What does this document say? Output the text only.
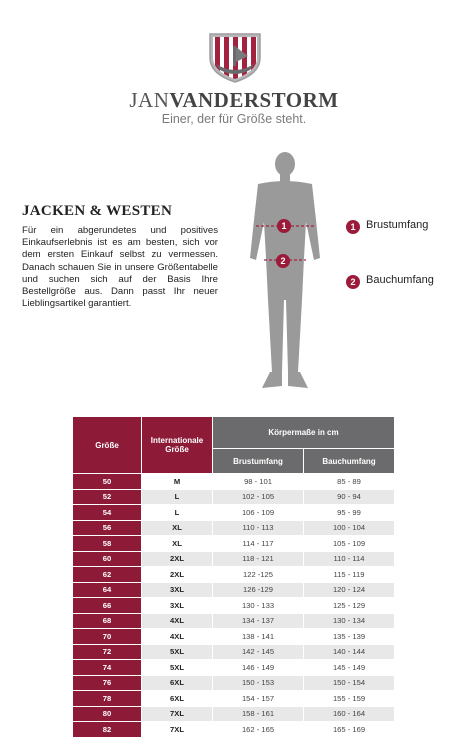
JANVANDERSTORM
Einer, der für Größe steht.
JACKEN & WESTEN
Für ein abgerundetes und positives Einkaufserlebnis ist es am besten, sich vor dem ersten Einkauf selbst zu vermessen. Danach schauen Sie in unsere Größentabelle und suchen sich auf der Basis Ihre Bestellgröße aus. Dann passt Ihr neuer Lieblingsartikel garantiert.
1
2
1 Brustumfang
2 Bauchumfang
Größe	Internationale Größe	Körpermaße in cm	
		Brustumfang	Bauchumfang
50	M	98 - 101	85 - 89
52	L	102 - 105	90 - 94
54	L	106 - 109	95 - 99
56	XL	110 - 113	100 - 104
58	XL	114 - 117	105 - 109
60	2XL	118 - 121	110 - 114
62	2XL	122 -125	115 - 119
64	3XL	126 -129	120 - 124
66	3XL	130 - 133	125 - 129
68	4XL	134 - 137	130 - 134
70	4XL	138 - 141	135 - 139
72	5XL	142 - 145	140 - 144
74	5XL	146 - 149	145 - 149
76	6XL	150 - 153	150 - 154
78	6XL	154 - 157	155 - 159
80	7XL	158 - 161	160 - 164
82	7XL	162 - 165	165 - 169
